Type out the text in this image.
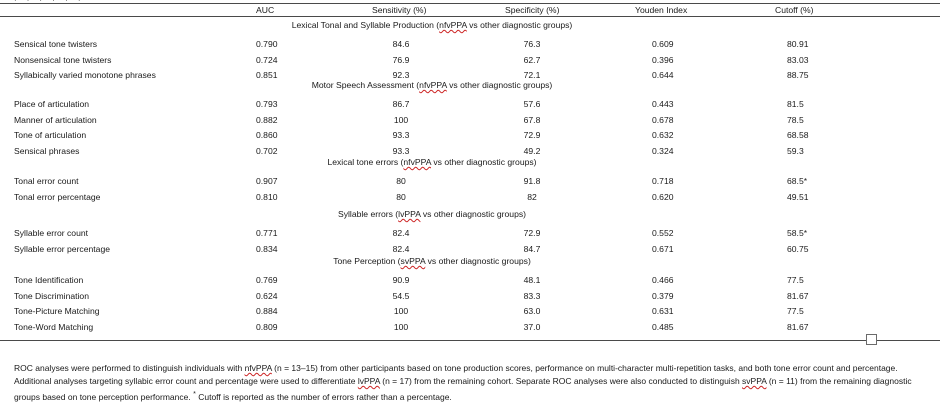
AUC	Sensitivity (%)	Specificity (%)	Youden Index	Cutoff (%)
Lexical Tonal and Syllable Production (nfvPPA vs other diagnostic groups)
Sensical tone twisters	0.790	84.6	76.3	0.609	80.91
Nonsensical tone twisters	0.724	76.9	62.7	0.396	83.03
Syllabically varied monotone phrases	0.851	92.3	72.1	0.644	88.75
Motor Speech Assessment (nfvPPA vs other diagnostic groups)
Place of articulation	0.793	86.7	57.6	0.443	81.5
Manner of articulation	0.882	100	67.8	0.678	78.5
Tone of articulation	0.860	93.3	72.9	0.632	68.58
Sensical phrases	0.702	93.3	49.2	0.324	59.3
Lexical tone errors (nfvPPA vs other diagnostic groups)
Tonal error count	0.907	80	91.8	0.718	68.5*
Tonal error percentage	0.810	80	82	0.620	49.51
Syllable errors (lvPPA vs other diagnostic groups)
Syllable error count	0.771	82.4	72.9	0.552	58.5*
Syllable error percentage	0.834	82.4	84.7	0.671	60.75
Tone Perception (svPPA vs other diagnostic groups)
Tone Identification	0.769	90.9	48.1	0.466	77.5
Tone Discrimination	0.624	54.5	83.3	0.379	81.67
Tone-Picture Matching	0.884	100	63.0	0.631	77.5
Tone-Word Matching	0.809	100	37.0	0.485	81.67

ROC analyses were performed to distinguish individuals with nfvPPA (n = 13–15) from other participants based on tone production scores, performance on multi-character multi-repetition tasks, and both tone error count and percentage. Additional analyses targeting syllabic error count and percentage were used to differentiate lvPPA (n = 17) from the remaining cohort. Separate ROC analyses were also conducted to distinguish svPPA (n = 11) from the remaining diagnostic groups based on tone perception performance. * Cutoff is reported as the number of errors rather than a percentage.
